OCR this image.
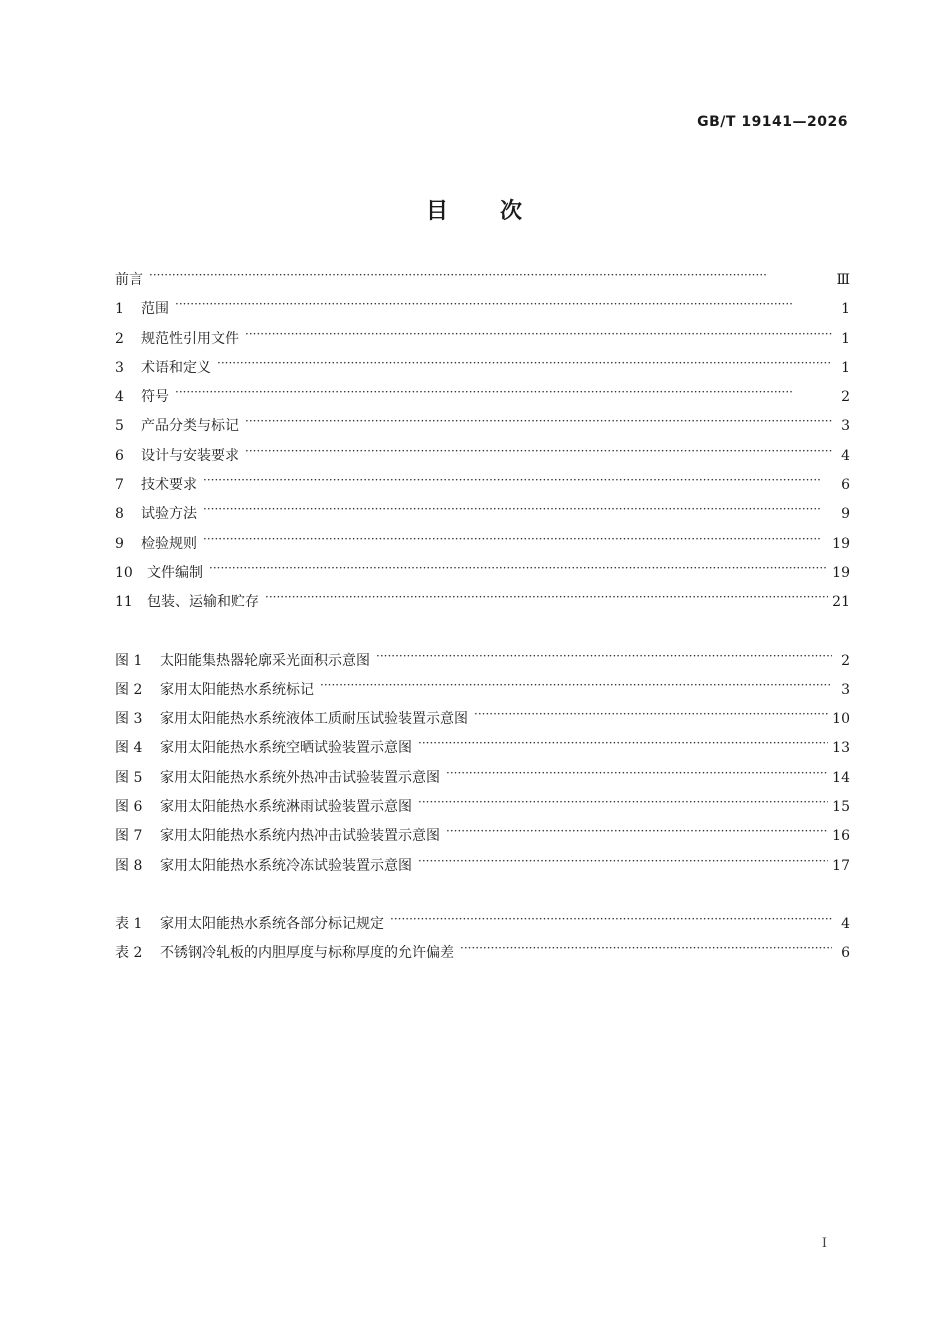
GB/T 19141—2026
目 次
前言 ·····	Ⅲ
1	范围 ·····	1
2	规范性引用文件 ·····	1
3	术语和定义 ·····	1
4	符号 ·····	2
5	产品分类与标记 ·····	3
6	设计与安装要求 ·····	4
7	技术要求 ·····	6
8	试验方法 ·····	9
9	检验规则 ·····	19
10	文件编制 ·····	19
11	包装、运输和贮存 ·····	21
图 1	太阳能集热器轮廓采光面积示意图 ·····	2
图 2	家用太阳能热水系统标记 ·····	3
图 3	家用太阳能热水系统液体工质耐压试验装置示意图 ·····	10
图 4	家用太阳能热水系统空晒试验装置示意图 ·····	13
图 5	家用太阳能热水系统外热冲击试验装置示意图 ·····	14
图 6	家用太阳能热水系统淋雨试验装置示意图 ·····	15
图 7	家用太阳能热水系统内热冲击试验装置示意图 ·····	16
图 8	家用太阳能热水系统冷冻试验装置示意图 ·····	17
表 1	家用太阳能热水系统各部分标记规定 ·····	4
表 2	不锈钢冷轧板的内胆厚度与标称厚度的允许偏差 ·····	6
I
